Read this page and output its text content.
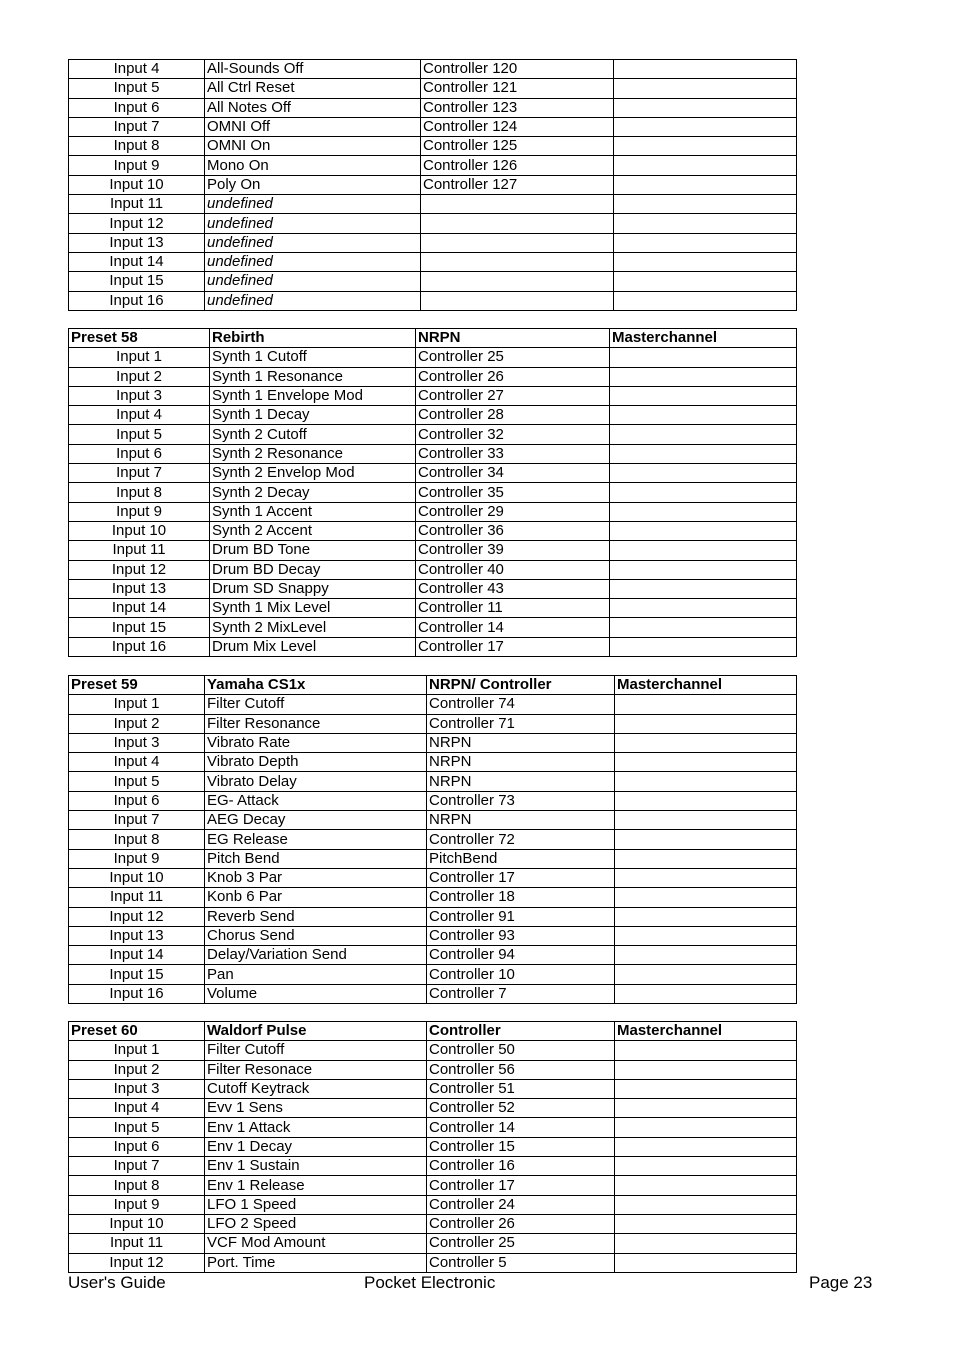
Input 4	All-Sounds Off	Controller 120	
Input 5	All Ctrl Reset	Controller 121	
Input 6	All Notes Off	Controller 123	
Input 7	OMNI Off	Controller 124	
Input 8	OMNI On	Controller 125	
Input 9	Mono On	Controller 126	
Input 10	Poly On	Controller 127	
Input 11	undefined		
Input 12	undefined		
Input 13	undefined		
Input 14	undefined		
Input 15	undefined		
Input 16	undefined		
Preset 58	Rebirth	NRPN	Masterchannel
Input 1	Synth 1 Cutoff	Controller 25	
Input 2	Synth 1 Resonance	Controller 26	
Input 3	Synth 1 Envelope Mod	Controller 27	
Input 4	Synth 1 Decay	Controller 28	
Input 5	Synth 2 Cutoff	Controller 32	
Input 6	Synth 2 Resonance	Controller 33	
Input 7	Synth 2 Envelop Mod	Controller 34	
Input 8	Synth 2 Decay	Controller 35	
Input 9	Synth 1 Accent	Controller 29	
Input 10	Synth 2 Accent	Controller 36	
Input 11	Drum BD Tone	Controller 39	
Input 12	Drum BD Decay	Controller 40	
Input 13	Drum SD Snappy	Controller 43	
Input 14	Synth 1 Mix Level	Controller 11	
Input 15	Synth 2 MixLevel	Controller 14	
Input 16	Drum Mix Level	Controller 17	
Preset 59	Yamaha CS1x	NRPN/ Controller	Masterchannel
Input 1	Filter Cutoff	Controller 74	
Input 2	Filter Resonance	Controller 71	
Input 3	Vibrato Rate	NRPN	
Input 4	Vibrato Depth	NRPN	
Input 5	Vibrato Delay	NRPN	
Input 6	EG- Attack	Controller 73	
Input 7	AEG Decay	NRPN	
Input 8	EG Release	Controller 72	
Input 9	Pitch Bend	PitchBend	
Input 10	Knob 3 Par	Controller 17	
Input 11	Konb 6 Par	Controller 18	
Input 12	Reverb Send	Controller 91	
Input 13	Chorus Send	Controller 93	
Input 14	Delay/Variation Send	Controller 94	
Input 15	Pan	Controller 10	
Input 16	Volume	Controller 7	
Preset 60	Waldorf Pulse	Controller	Masterchannel
Input 1	Filter Cutoff	Controller 50	
Input 2	Filter Resonace	Controller 56	
Input 3	Cutoff Keytrack	Controller 51	
Input 4	Evv 1 Sens	Controller 52	
Input 5	Env 1 Attack	Controller 14	
Input 6	Env 1 Decay	Controller 15	
Input 7	Env 1 Sustain	Controller 16	
Input 8	Env 1 Release	Controller 17	
Input 9	LFO 1 Speed	Controller 24	
Input 10	LFO 2 Speed	Controller 26	
Input 11	VCF Mod Amount	Controller 25	
Input 12	Port. Time	Controller 5	
User's Guide	Pocket Electronic	Page 23
